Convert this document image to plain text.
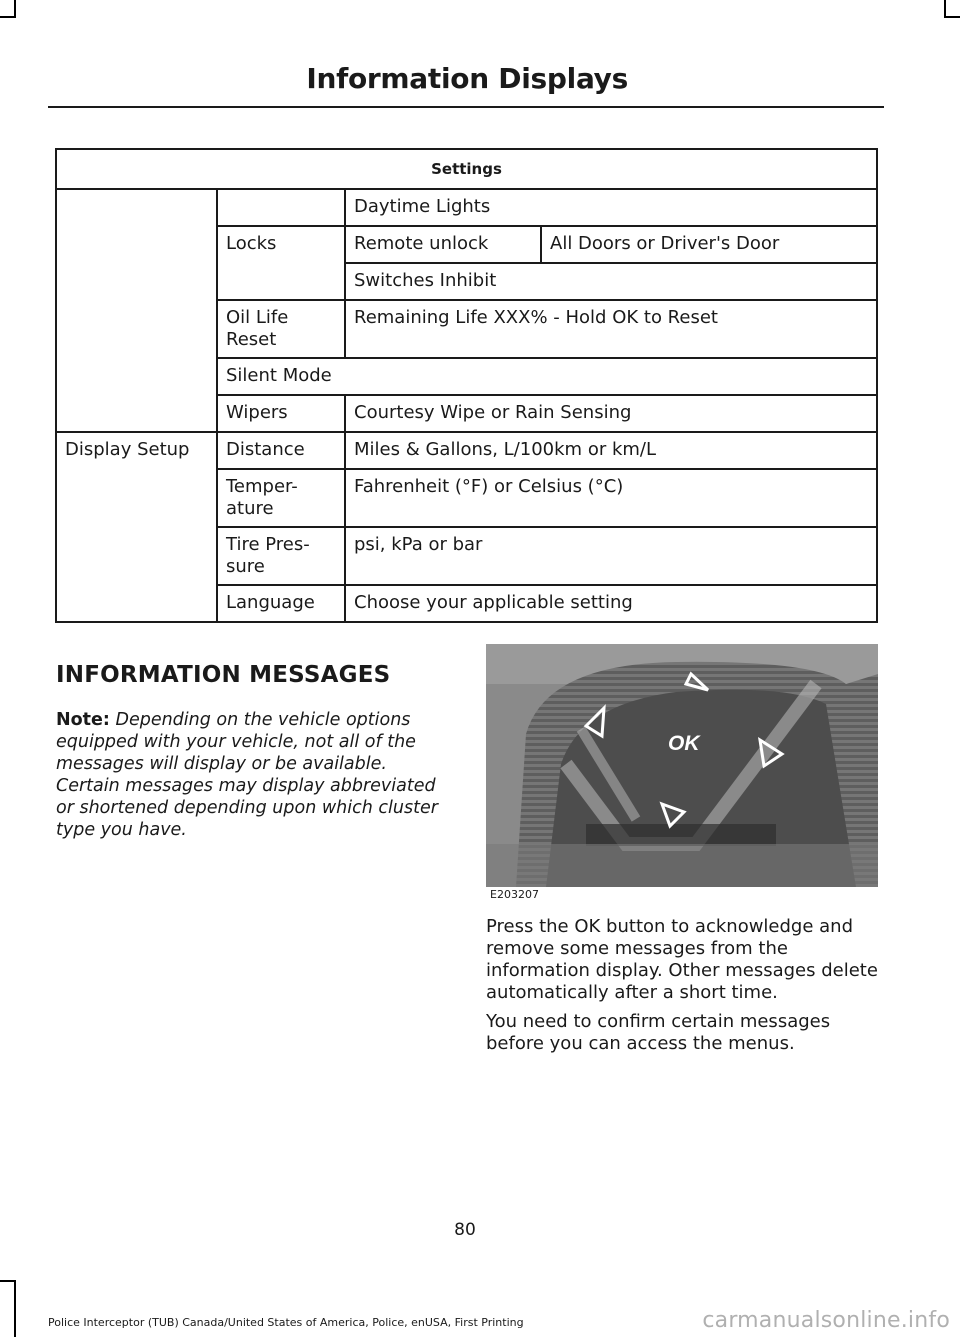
Information Displays
Settings			
		Daytime Lights	
	Locks	Remote unlock	All Doors or Driver's Door
		Switches Inhibit	
	Oil Life Reset	Remaining Life XXX% - Hold OK to Reset	
	Silent Mode		
	Wipers	Courtesy Wipe or Rain Sensing	
Display Setup	Distance	Miles & Gallons, L/100km or km/L	
	Temper-ature	Fahrenheit (°F) or Celsius (°C)	
	Tire Pres-sure	psi, kPa or bar	
	Language	Choose your applicable setting	
INFORMATION MESSAGES
Note: Depending on the vehicle options equipped with your vehicle, not all of the messages will display or be available. Certain messages may display abbreviated or shortened depending upon which cluster type you have.
OK
E203207

Press the OK button to acknowledge and remove some messages from the information display. Other messages delete automatically after a short time.

You need to confirm certain messages before you can access the menus.

80
Police Interceptor (TUB) Canada/United States of America, Police, enUSA, First Printing	carmanualsonline.info
